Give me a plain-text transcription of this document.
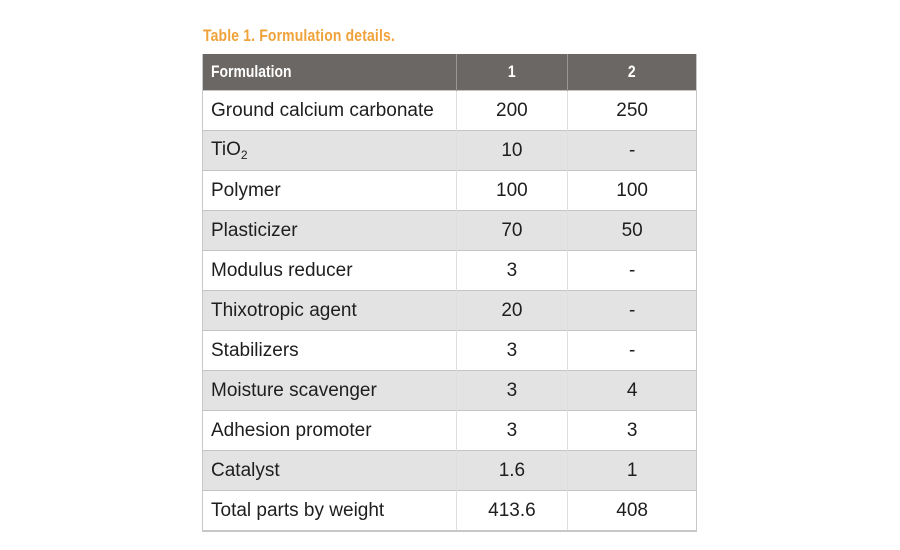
Table 1. Formulation details.
Formulation	1	2
Ground calcium carbonate	200	250
TiO$_2$	10	-
Polymer	100	100
Plasticizer	70	50
Modulus reducer	3	-
Thixotropic agent	20	-
Stabilizers	3	-
Moisture scavenger	3	4
Adhesion promoter	3	3
Catalyst	1.6	1
Total parts by weight	413.6	408
